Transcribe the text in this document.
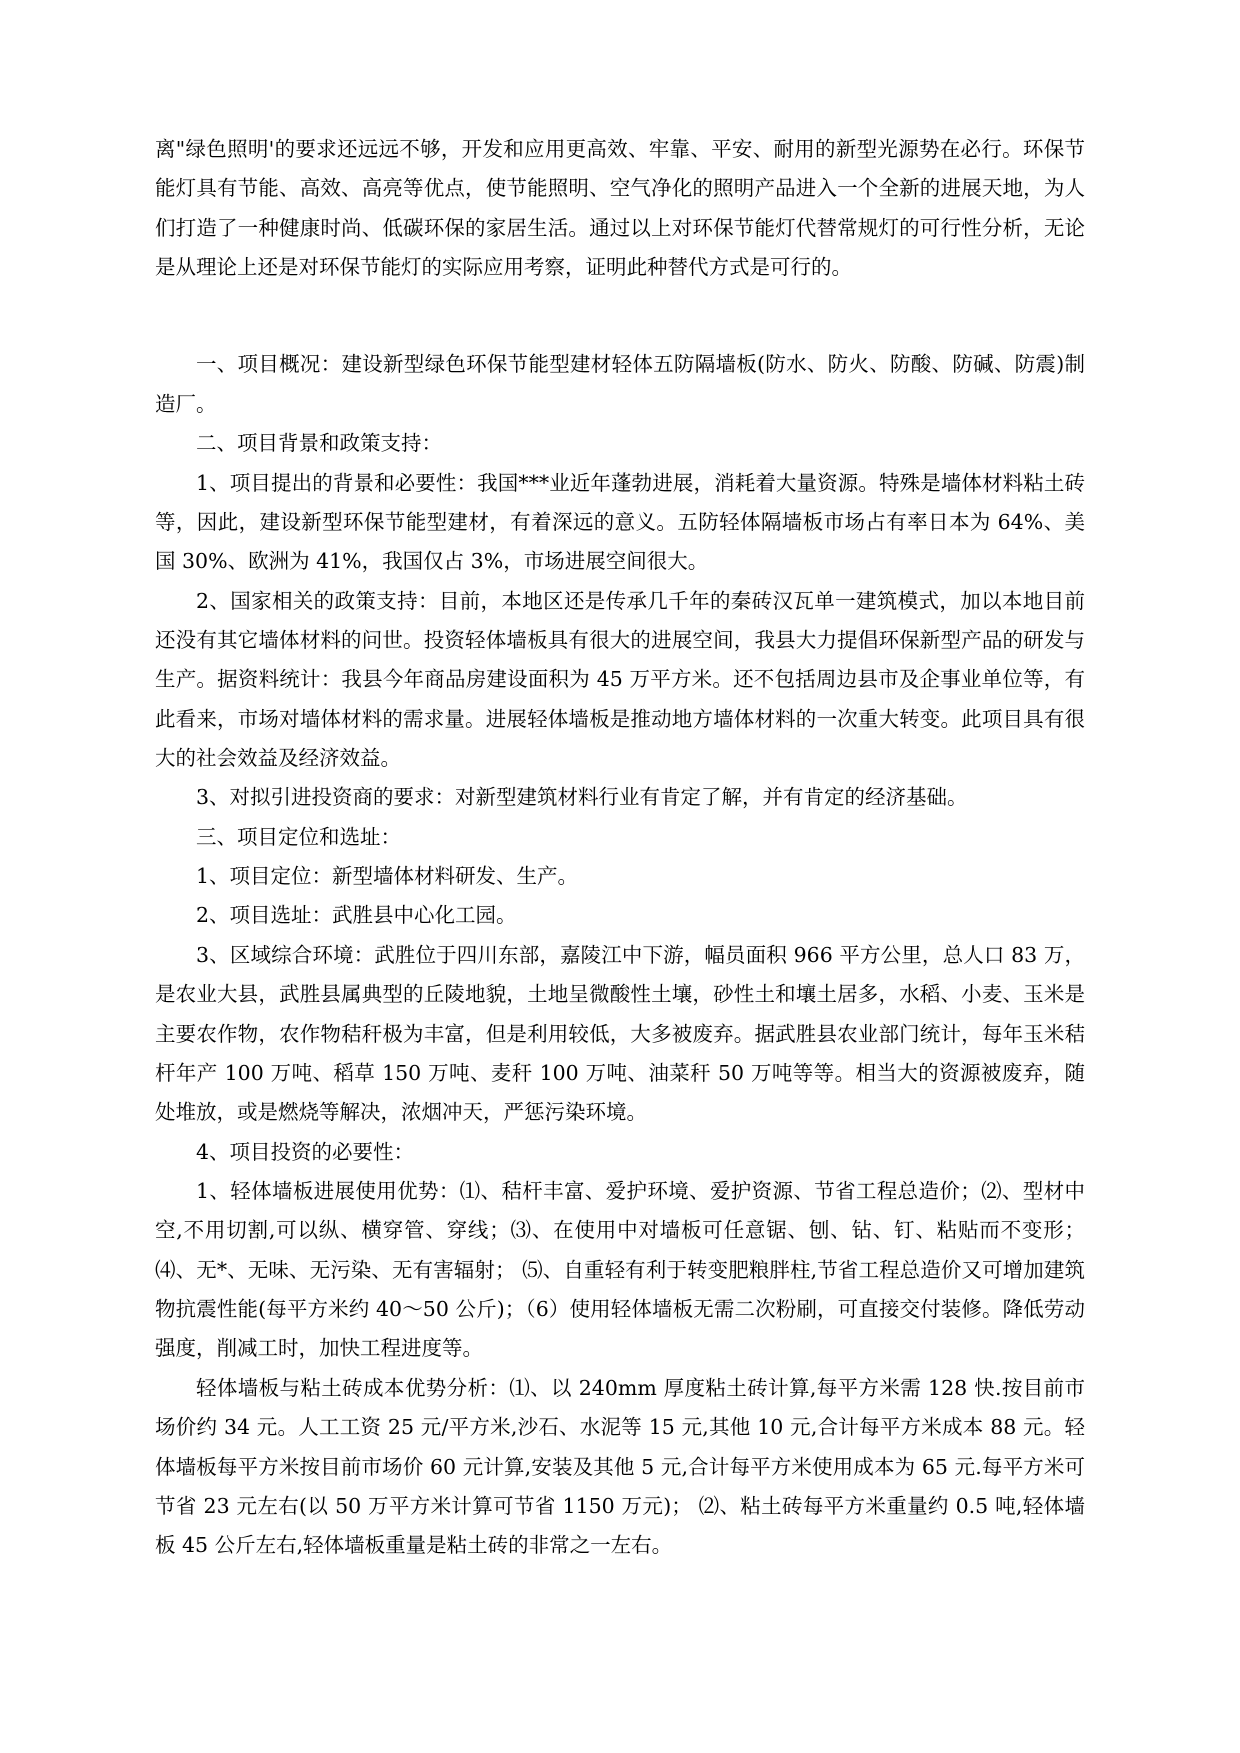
离"绿色照明'的要求还远远不够，开发和应用更高效、牢靠、平安、耐用的新型光源势在必行。环保节能灯具有节能、高效、高亮等优点，使节能照明、空气净化的照明产品进入一个全新的进展天地，为人们打造了一种健康时尚、低碳环保的家居生活。通过以上对环保节能灯代替常规灯的可行性分析，无论是从理论上还是对环保节能灯的实际应用考察，证明此种替代方式是可行的。

一、项目概况：建设新型绿色环保节能型建材轻体五防隔墙板(防水、防火、防酸、防碱、防震)制造厂。

二、项目背景和政策支持：

1、项目提出的背景和必要性：我国***业近年蓬勃进展，消耗着大量资源。特殊是墙体材料粘土砖等，因此，建设新型环保节能型建材，有着深远的意义。五防轻体隔墙板市场占有率日本为 64%、美国 30%、欧洲为 41%，我国仅占 3%，市场进展空间很大。

2、国家相关的政策支持：目前，本地区还是传承几千年的秦砖汉瓦单一建筑模式，加以本地目前还没有其它墙体材料的问世。投资轻体墙板具有很大的进展空间，我县大力提倡环保新型产品的研发与生产。据资料统计：我县今年商品房建设面积为 45 万平方米。还不包括周边县市及企事业单位等，有此看来，市场对墙体材料的需求量。进展轻体墙板是推动地方墙体材料的一次重大转变。此项目具有很大的社会效益及经济效益。

3、对拟引进投资商的要求：对新型建筑材料行业有肯定了解，并有肯定的经济基础。

三、项目定位和选址：

1、项目定位：新型墙体材料研发、生产。

2、项目选址：武胜县中心化工园。

3、区域综合环境：武胜位于四川东部，嘉陵江中下游，幅员面积 966 平方公里，总人口 83 万，是农业大县，武胜县属典型的丘陵地貌，土地呈微酸性土壤，砂性土和壤土居多，水稻、小麦、玉米是主要农作物，农作物秸秆极为丰富，但是利用较低，大多被废弃。据武胜县农业部门统计，每年玉米秸杆年产 100 万吨、稻草 150 万吨、麦秆 100 万吨、油菜秆 50 万吨等等。相当大的资源被废弃，随处堆放，或是燃烧等解决，浓烟冲天，严惩污染环境。

4、项目投资的必要性：

1、轻体墙板进展使用优势：⑴、秸杆丰富、爱护环境、爱护资源、节省工程总造价；⑵、型材中空,不用切割,可以纵、横穿管、穿线；⑶、在使用中对墙板可任意锯、刨、钻、钉、粘贴而不变形；⑷、无*、无味、无污染、无有害辐射； ⑸、自重轻有利于转变肥粮胖柱,节省工程总造价又可增加建筑物抗震性能(每平方米约 40～50 公斤)；（6）使用轻体墙板无需二次粉刷，可直接交付装修。降低劳动强度，削减工时，加快工程进度等。

轻体墙板与粘土砖成本优势分析：⑴、以 240mm 厚度粘土砖计算,每平方米需 128 快.按目前市场价约 34 元。人工工资 25 元/平方米,沙石、水泥等 15 元,其他 10 元,合计每平方米成本 88 元。轻体墙板每平方米按目前市场价 60 元计算,安装及其他 5 元,合计每平方米使用成本为 65 元.每平方米可节省 23 元左右(以 50 万平方米计算可节省 1150 万元)； ⑵、粘土砖每平方米重量约 0.5 吨,轻体墙板 45 公斤左右,轻体墙板重量是粘土砖的非常之一左右。
